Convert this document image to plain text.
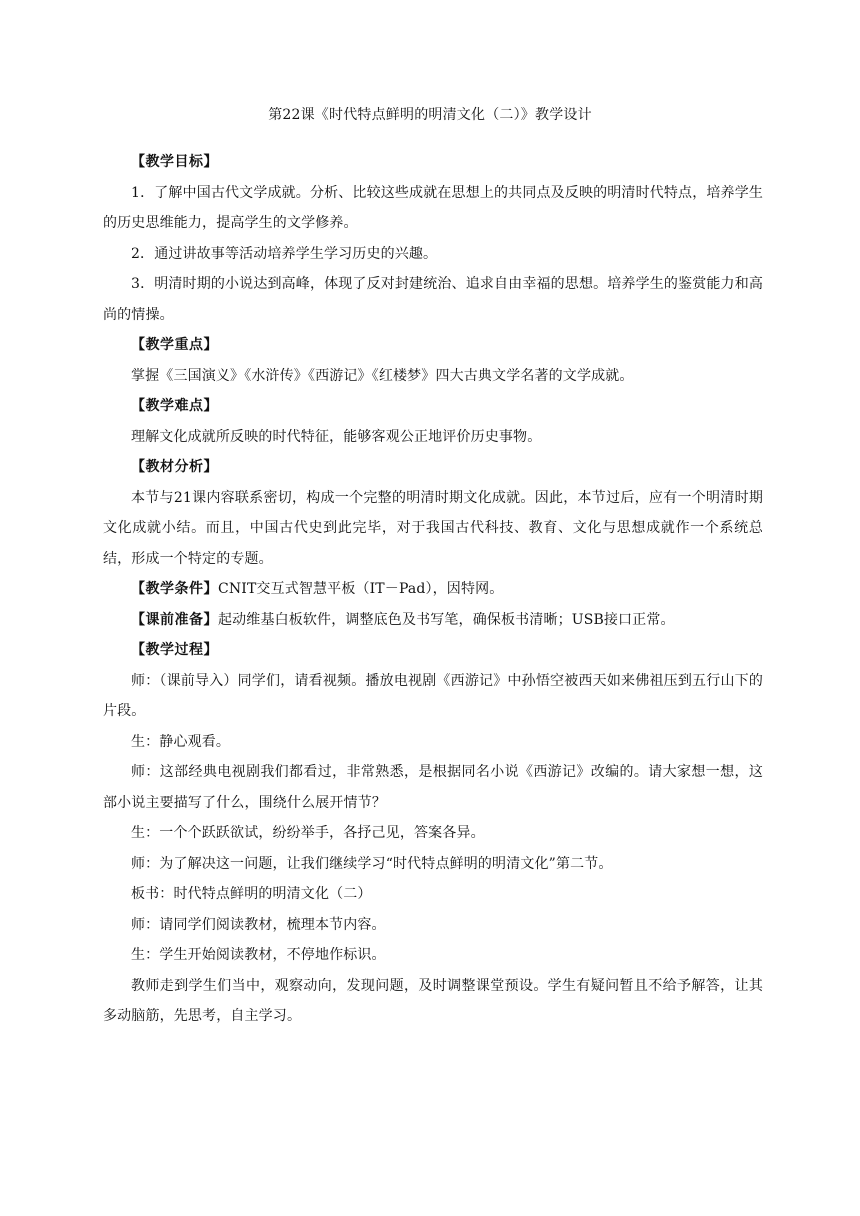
第22课《时代特点鲜明的明清文化（二）》教学设计

【教学目标】

1．了解中国古代文学成就。分析、比较这些成就在思想上的共同点及反映的明清时代特点，培养学生的历史思维能力，提高学生的文学修养。

2．通过讲故事等活动培养学生学习历史的兴趣。

3．明清时期的小说达到高峰，体现了反对封建统治、追求自由幸福的思想。培养学生的鉴赏能力和高尚的情操。

【教学重点】

掌握《三国演义》《水浒传》《西游记》《红楼梦》四大古典文学名著的文学成就。

【教学难点】

理解文化成就所反映的时代特征，能够客观公正地评价历史事物。

【教材分析】

本节与21课内容联系密切，构成一个完整的明清时期文化成就。因此，本节过后，应有一个明清时期文化成就小结。而且，中国古代史到此完毕，对于我国古代科技、教育、文化与思想成就作一个系统总结，形成一个特定的专题。

【教学条件】CNIT交互式智慧平板（IT－Pad），因特网。

【课前准备】起动维基白板软件，调整底色及书写笔，确保板书清晰；USB接口正常。

【教学过程】

师：（课前导入）同学们，请看视频。播放电视剧《西游记》中孙悟空被西天如来佛祖压到五行山下的片段。

生：静心观看。

师：这部经典电视剧我们都看过，非常熟悉，是根据同名小说《西游记》改编的。请大家想一想，这部小说主要描写了什么，围绕什么展开情节？

生：一个个跃跃欲试，纷纷举手，各抒己见，答案各异。

师：为了解决这一问题，让我们继续学习“时代特点鲜明的明清文化”第二节。

板书：时代特点鲜明的明清文化（二）

师：请同学们阅读教材，梳理本节内容。

生：学生开始阅读教材，不停地作标识。

教师走到学生们当中，观察动向，发现问题，及时调整课堂预设。学生有疑问暂且不给予解答，让其多动脑筋，先思考，自主学习。
